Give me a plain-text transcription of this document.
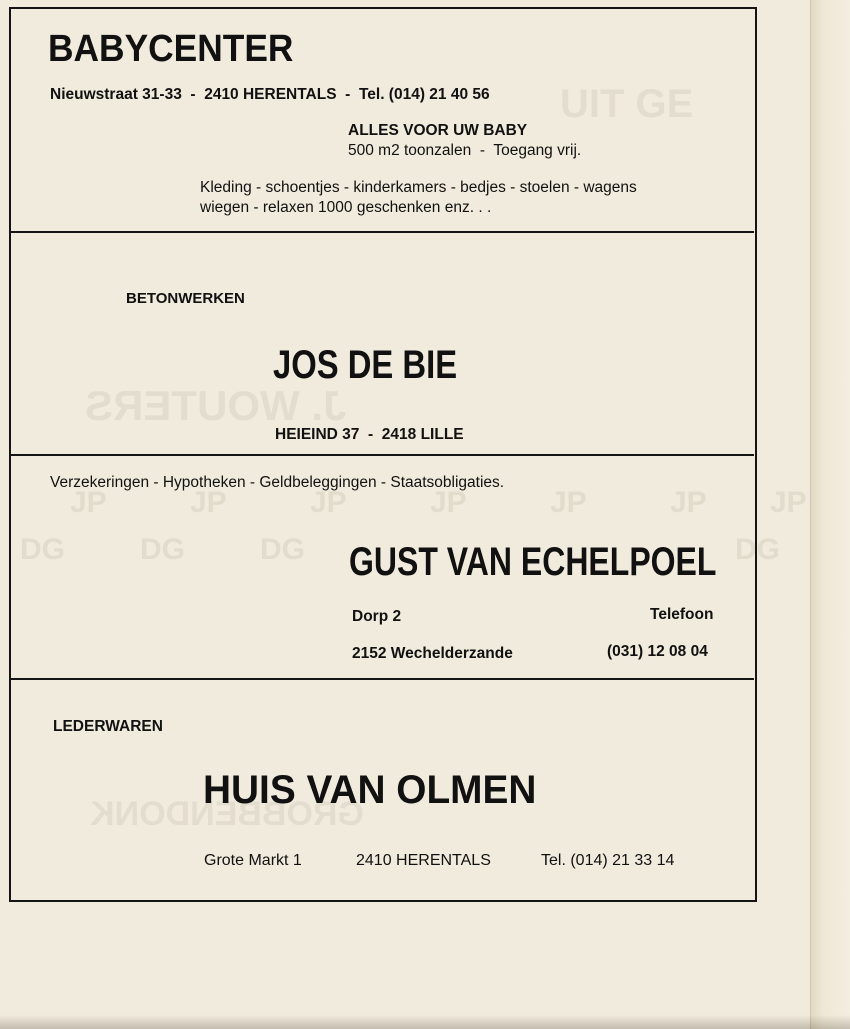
UIT GE
J. WOUTERS
GROBBENDONK
DG	DG	DG	DG
JP	JP	JP	JP	JP	JP JP
BABYCENTER
Nieuwstraat 31-33  -  2410 HERENTALS  -  Tel. (014) 21 40 56
ALLES VOOR UW BABY
500 m2 toonzalen  -  Toegang vrij.
Kleding - schoentjes - kinderkamers - bedjes - stoelen - wagens
wiegen - relaxen 1000 geschenken enz. . .
BETONWERKEN
JOS DE BIE
HEIEIND 37  -  2418 LILLE
Verzekeringen - Hypotheken - Geldbeleggingen - Staatsobligaties.
GUST VAN ECHELPOEL
Dorp 2	Telefoon
2152 Wechelderzande	(031) 12 08 04
LEDERWAREN
HUIS VAN OLMEN
Grote Markt 1	2410 HERENTALS	Tel. (014) 21 33 14
